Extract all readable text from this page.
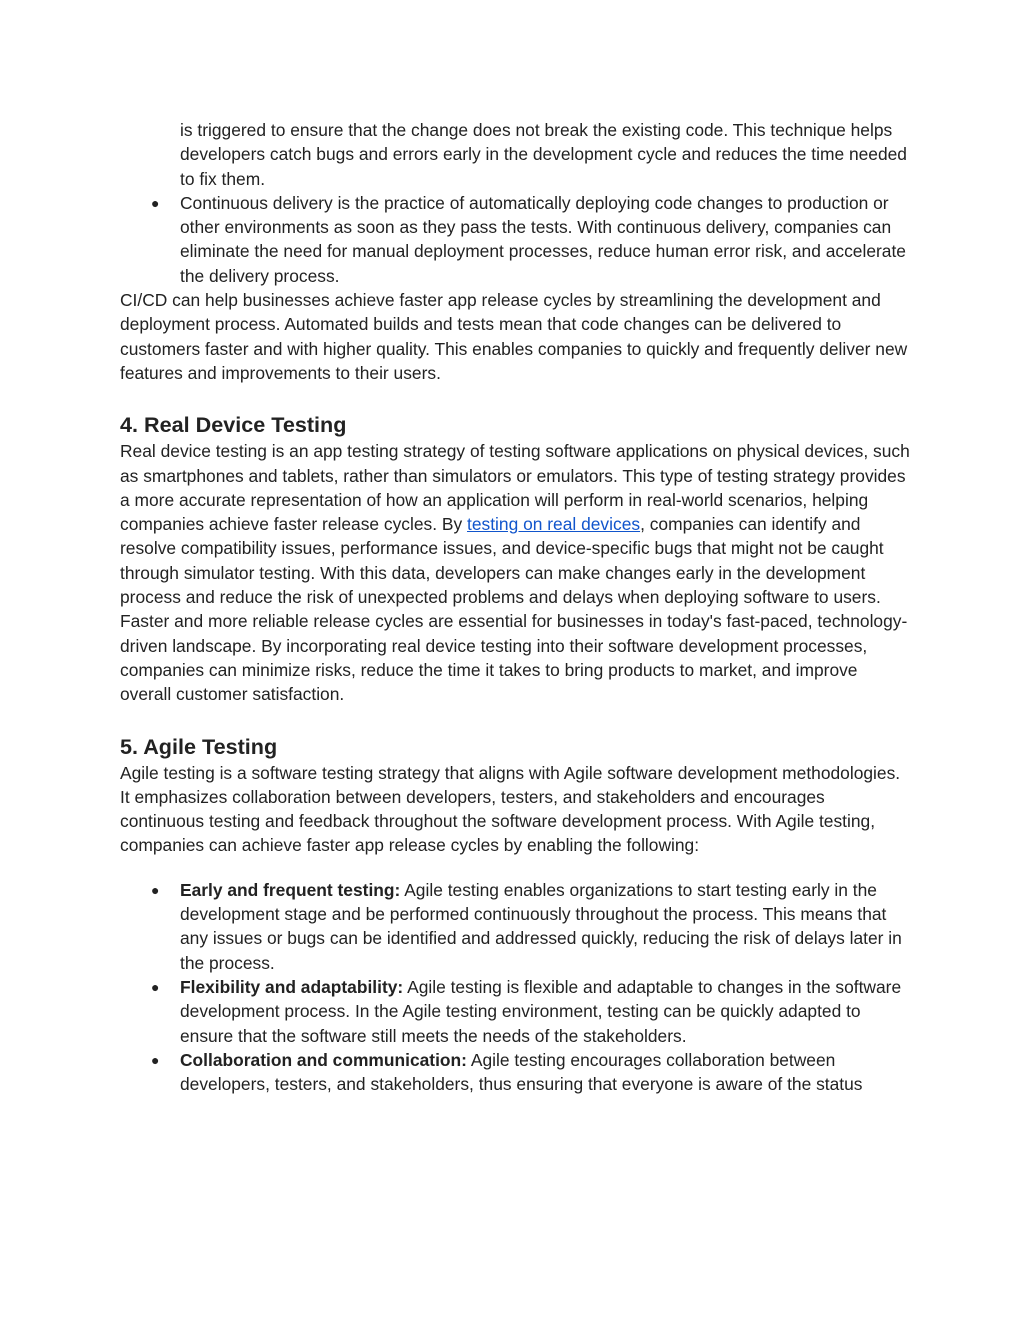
is triggered to ensure that the change does not break the existing code. This technique helps developers catch bugs and errors early in the development cycle and reduces the time needed to fix them.

● Continuous delivery is the practice of automatically deploying code changes to production or other environments as soon as they pass the tests. With continuous delivery, companies can eliminate the need for manual deployment processes, reduce human error risk, and accelerate the delivery process.

CI/CD can help businesses achieve faster app release cycles by streamlining the development and deployment process. Automated builds and tests mean that code changes can be delivered to customers faster and with higher quality. This enables companies to quickly and frequently deliver new features and improvements to their users.

4. Real Device Testing

Real device testing is an app testing strategy of testing software applications on physical devices, such as smartphones and tablets, rather than simulators or emulators. This type of testing strategy provides a more accurate representation of how an application will perform in real-world scenarios, helping companies achieve faster release cycles. By testing on real devices, companies can identify and resolve compatibility issues, performance issues, and device-specific bugs that might not be caught through simulator testing. With this data, developers can make changes early in the development process and reduce the risk of unexpected problems and delays when deploying software to users. Faster and more reliable release cycles are essential for businesses in today's fast-paced, technology-driven landscape. By incorporating real device testing into their software development processes, companies can minimize risks, reduce the time it takes to bring products to market, and improve overall customer satisfaction.

5. Agile Testing

Agile testing is a software testing strategy that aligns with Agile software development methodologies. It emphasizes collaboration between developers, testers, and stakeholders and encourages continuous testing and feedback throughout the software development process. With Agile testing, companies can achieve faster app release cycles by enabling the following:

● Early and frequent testing: Agile testing enables organizations to start testing early in the development stage and be performed continuously throughout the process. This means that any issues or bugs can be identified and addressed quickly, reducing the risk of delays later in the process.
● Flexibility and adaptability: Agile testing is flexible and adaptable to changes in the software development process. In the Agile testing environment, testing can be quickly adapted to ensure that the software still meets the needs of the stakeholders.
● Collaboration and communication: Agile testing encourages collaboration between developers, testers, and stakeholders, thus ensuring that everyone is aware of the status
